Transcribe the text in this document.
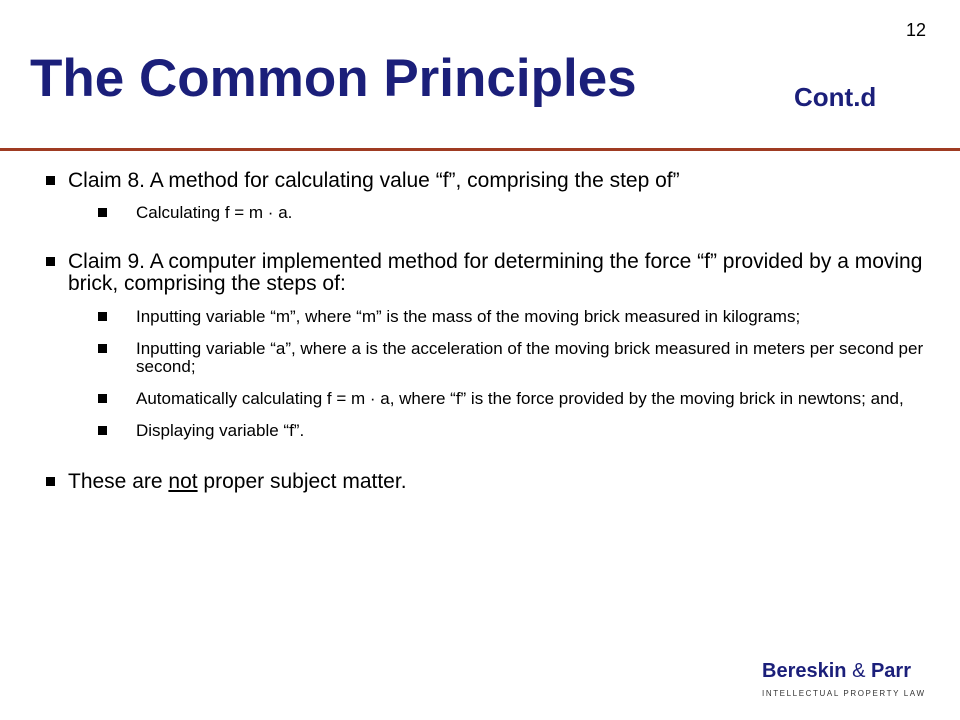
12
The Common Principles	Cont.d
Claim 8. A method for calculating value “f”, comprising the step of”
Calculating f = m · a.
Claim 9. A computer implemented method for determining the force “f” provided by a moving brick, comprising the steps of:
Inputting variable “m”, where “m” is the mass of the moving brick measured in kilograms;
Inputting variable “a”, where a is the acceleration of the moving brick measured in meters per second per second;
Automatically calculating f = m · a, where “f” is the force provided by the moving brick in newtons; and,
Displaying variable “f”.
These are not proper subject matter.
Bereskin & Parr
INTELLECTUAL PROPERTY LAW
